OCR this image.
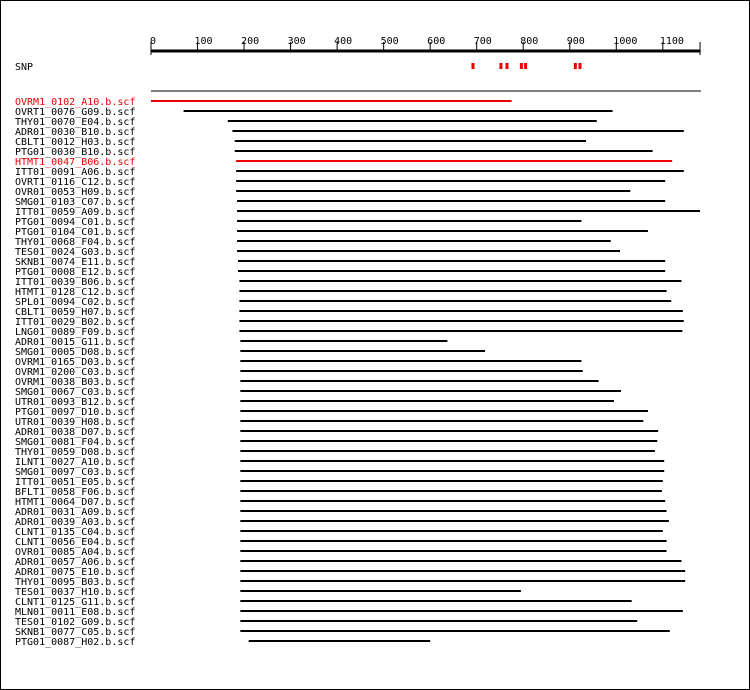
0	100	200	300	400	500	600	700	800	900	1000 1100
SNP
OVRM1_0102_A10.b.scf
OVRT1_0076_G09.b.scf
THY01_0070_E04.b.scf
ADR01_0030_B10.b.scf
CBLT1_0012_H03.b.scf
PTG01_0030_B10.b.scf
HTMT1_0047_B06.b.scf
ITT01_0091_A06.b.scf
OVRT1_0116_C12.b.scf
OVR01_0053_H09.b.scf
SMG01_0103_C07.b.scf
ITT01_0059_A09.b.scf
PTG01_0094_C01.b.scf
PTG01_0104_C01.b.scf
THY01_0068_F04.b.scf
TES01_0024_G03.b.scf
SKNB1_0074_E11.b.scf
PTG01_0008_E12.b.scf
ITT01_0039_B06.b.scf
HTMT1_0128_C12.b.scf
SPL01_0094_C02.b.scf
CBLT1_0059_H07.b.scf
ITT01_0029_B02.b.scf
LNG01_0089_F09.b.scf
ADR01_0015_G11.b.scf
SMG01_0005_D08.b.scf
OVRM1_0165_D03.b.scf
OVRM1_0200_C03.b.scf
OVRM1_0038_B03.b.scf
SMG01_0067_C03.b.scf
UTR01_0093_B12.b.scf
PTG01_0097_D10.b.scf
UTR01_0039_H08.b.scf
ADR01_0038_D07.b.scf
SMG01_0081_F04.b.scf
THY01_0059_D08.b.scf
ILNT1_0027_A10.b.scf
SMG01_0097_C03.b.scf
ITT01_0051_E05.b.scf
BFLT1_0058_F06.b.scf
HTMT1_0064_D07.b.scf
ADR01_0031_A09.b.scf
ADR01_0039_A03.b.scf
CLNT1_0135_C04.b.scf
CLNT1_0056_E04.b.scf
OVR01_0085_A04.b.scf
ADR01_0057_A06.b.scf
ADR01_0075_E10.b.scf
THY01_0095_B03.b.scf
TES01_0037_H10.b.scf
CLNT1_0125_G11.b.scf
MLN01_0011_E08.b.scf
TES01_0102_G09.b.scf
SKNB1_0077_C05.b.scf
PTG01_0087_H02.b.scf
